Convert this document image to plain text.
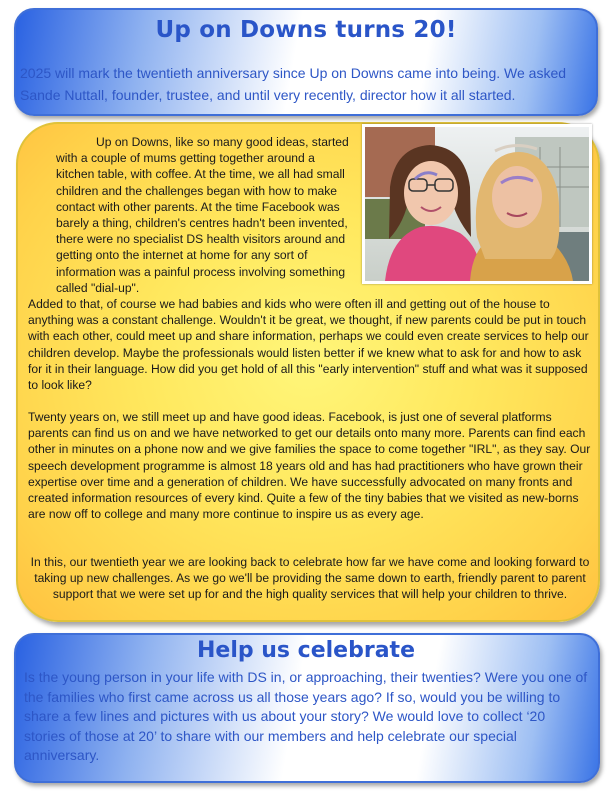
Up on Downs turns 20!
2025 will mark the twentieth anniversary since Up on Downs came into being. We asked Sande Nuttall, founder, trustee, and until very recently, director how it all started.
Up on Downs, like so many good ideas, started with a couple of mums getting together around a kitchen table, with coffee. At the time, we all had small children and the challenges began with how to make contact with other parents. At the time Facebook was barely a thing, children's centres hadn't been invented, there were no specialist DS health visitors around and getting onto the internet at home for any sort of information was a painful process involving something called "dial-up".
Added to that, of course we had babies and kids who were often ill and getting out of the house to anything was a constant challenge. Wouldn't it be great, we thought, if new parents could be put in touch with each other, could meet up and share information, perhaps we could even create services to help our children develop. Maybe the professionals would listen better if we knew what to ask for and how to ask for it in their language. How did you get hold of all this "early intervention" stuff and what was it supposed to look like?
Twenty years on, we still meet up and have good ideas. Facebook, is just one of several platforms parents can find us on and we have networked to get our details onto many more. Parents can find each other in minutes on a phone now and we give families the space to come together "IRL", as they say. Our speech development programme is almost 18 years old and has had practitioners who have grown their expertise over time and a generation of children. We have successfully advocated on many fronts and created information resources of every kind. Quite a few of the tiny babies that we visited as new-borns are now off to college and many more continue to inspire us as every age.
In this, our twentieth year we are looking back to celebrate how far we have come and looking forward to taking up new challenges. As we go we'll be providing the same down to earth, friendly parent to parent support that we were set up for and the high quality services that will help your children to thrive.
Help us celebrate
Is the young person in your life with DS in, or approaching, their twenties? Were you one of the families who first came across us all those years ago? If so, would you be willing to share a few lines and pictures with us about your story? We would love to collect ‘20 stories of those at 20’ to share with our members and help celebrate our special anniversary.
